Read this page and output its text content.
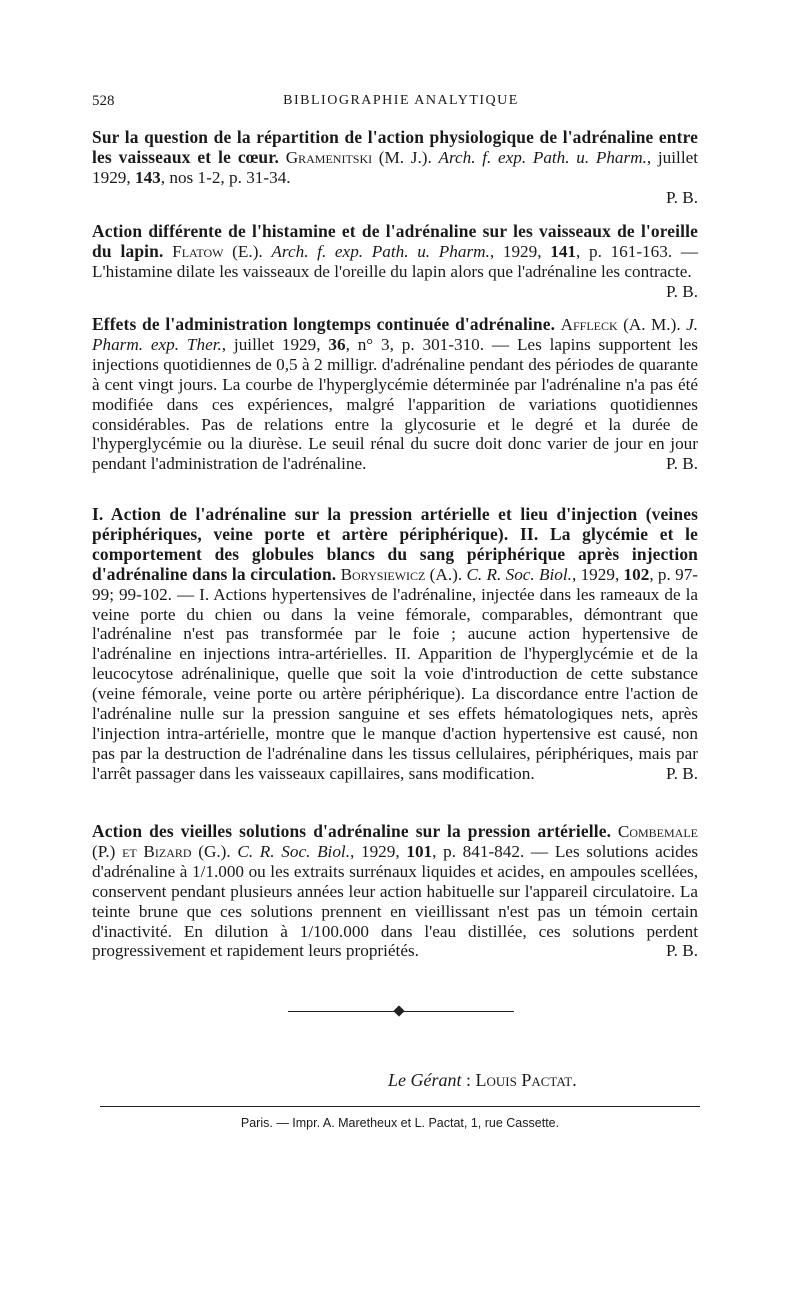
528	BIBLIOGRAPHIE ANALYTIQUE
Sur la question de la répartition de l'action physiologique de l'adrénaline entre les vaisseaux et le cœur. Gramenitski (M. J.). Arch. f. exp. Path. u. Pharm., juillet 1929, 143, nos 1-2, p. 31-34.
P. B.
Action différente de l'histamine et de l'adrénaline sur les vaisseaux de l'oreille du lapin. Flatow (E.). Arch. f. exp. Path. u. Pharm., 1929, 141, p. 161-163. — L'histamine dilate les vaisseaux de l'oreille du lapin alors que l'adrénaline les contracte.
P. B.
Effets de l'administration longtemps continuée d'adrénaline. Affleck (A. M.). J. Pharm. exp. Ther., juillet 1929, 36, n° 3, p. 301-310. — Les lapins supportent les injections quotidiennes de 0,5 à 2 milligr. d'adrénaline pendant des périodes de quarante à cent vingt jours. La courbe de l'hyperglycémie déterminée par l'adrénaline n'a pas été modifiée dans ces expériences, malgré l'apparition de variations quotidiennes considérables. Pas de relations entre la glycosurie et le degré et la durée de l'hyperglycémie ou la diurèse. Le seuil rénal du sucre doit donc varier de jour en jour pendant l'administration de l'adrénaline.	P. B.
I. Action de l'adrénaline sur la pression artérielle et lieu d'injection (veines périphériques, veine porte et artère périphérique). II. La glycémie et le comportement des globules blancs du sang périphérique après injection d'adrénaline dans la circulation. Borysiewicz (A.). C. R. Soc. Biol., 1929, 102, p. 97-99; 99-102. — I. Actions hypertensives de l'adrénaline, injectée dans les rameaux de la veine porte du chien ou dans la veine fémorale, comparables, démontrant que l'adrénaline n'est pas transformée par le foie ; aucune action hypertensive de l'adrénaline en injections intra-artérielles. II. Apparition de l'hyperglycémie et de la leucocytose adrénalinique, quelle que soit la voie d'introduction de cette substance (veine fémorale, veine porte ou artère périphérique). La discordance entre l'action de l'adrénaline nulle sur la pression sanguine et ses effets hématologiques nets, après l'injection intra-artérielle, montre que le manque d'action hypertensive est causé, non pas par la destruction de l'adrénaline dans les tissus cellulaires, périphériques, mais par l'arrêt passager dans les vaisseaux capillaires, sans modification.	P. B.
Action des vieilles solutions d'adrénaline sur la pression artérielle. Combemale (P.) et Bizard (G.). C. R. Soc. Biol., 1929, 101, p. 841-842. — Les solutions acides d'adrénaline à 1/1.000 ou les extraits surrénaux liquides et acides, en ampoules scellées, conservent pendant plusieurs années leur action habituelle sur l'appareil circulatoire. La teinte brune que ces solutions prennent en vieillissant n'est pas un témoin certain d'inactivité. En dilution à 1/100.000 dans l'eau distillée, ces solutions perdent progressivement et rapidement leurs propriétés.	P. B.
Le Gérant : Louis Pactat.
Paris. — Impr. A. Maretheux et L. Pactat, 1, rue Cassette.
